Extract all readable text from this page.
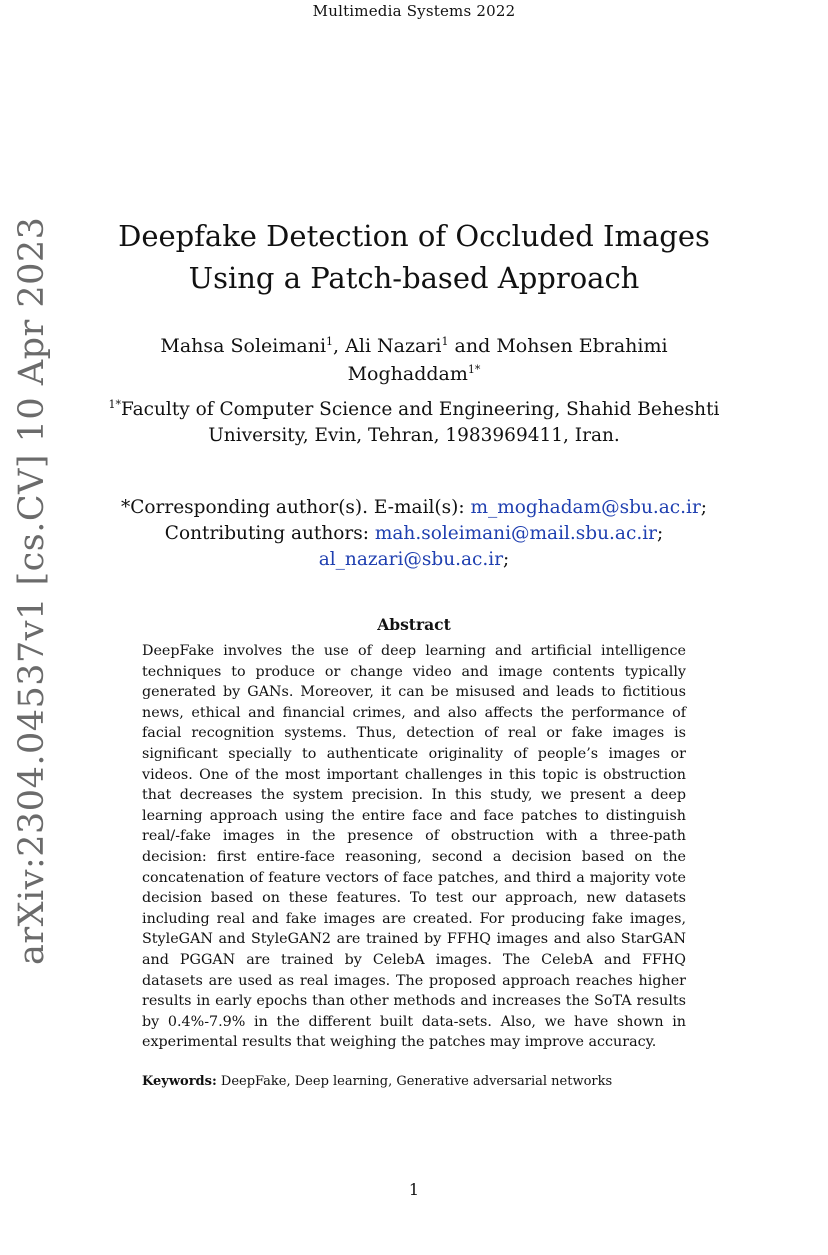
Multimedia Systems 2022
arXiv:2304.04537v1 [cs.CV] 10 Apr 2023	Deepfake Detection of Occluded Images
Using a Patch-based Approach
Mahsa Soleimani$^1$, Ali Nazari$^1$ and Mohsen Ebrahimi
Moghaddam$^{1*}$
$^{1*}$Faculty of Computer Science and Engineering, Shahid Beheshti
University, Evin, Tehran, 1983969411, Iran.
*Corresponding author(s). E-mail(s): m_moghadam@sbu.ac.ir;
Contributing authors: mah.soleimani@mail.sbu.ac.ir;
al_nazari@sbu.ac.ir;
Abstract
DeepFake involves the use of deep learning and artificial intelligence techniques to produce or change video and image contents typically generated by GANs. Moreover, it can be misused and leads to fictitious news, ethical and financial crimes, and also affects the performance of facial recognition systems. Thus, detection of real or fake images is significant specially to authenticate originality of people’s images or videos. One of the most important challenges in this topic is obstruction that decreases the system precision. In this study, we present a deep learning approach using the entire face and face patches to distinguish real/-fake images in the presence of obstruction with a three-path decision: first entire-face reasoning, second a decision based on the concatenation of feature vectors of face patches, and third a majority vote decision based on these features. To test our approach, new datasets including real and fake images are created. For producing fake images, StyleGAN and StyleGAN2 are trained by FFHQ images and also StarGAN and PGGAN are trained by CelebA images. The CelebA and FFHQ datasets are used as real images. The proposed approach reaches higher results in early epochs than other methods and increases the SoTA results by 0.4%-7.9% in the different built data-sets. Also, we have shown in experimental results that weighing the patches may improve accuracy.
Keywords: DeepFake, Deep learning, Generative adversarial networks
1
